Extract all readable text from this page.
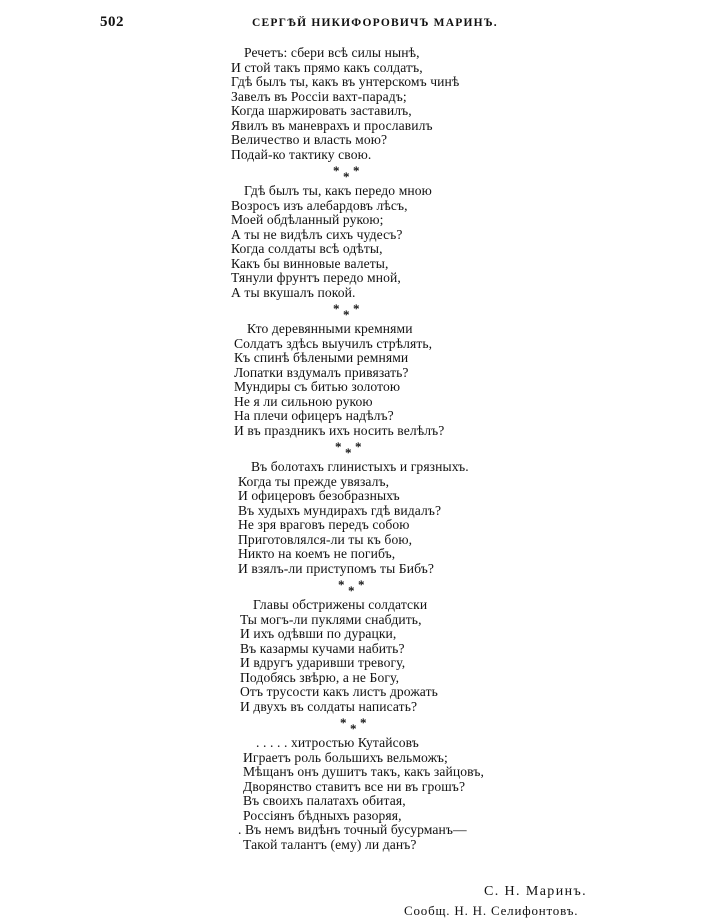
502	СЕРГѢЙ НИКИФОРОВИЧЪ МАРИНЪ.
Речетъ: сбери всѣ силы нынѣ,
И стой такъ прямо какъ солдатъ,
Гдѣ былъ ты, какъ въ унтерскомъ чинѣ
Завелъ въ Россіи вахт-парадъ;
Когда шаржировать заставилъ,
Явилъ въ маневрахъ и прославилъ
Величество и власть мою?
Подай-ко тактику свою.
* *
*
Гдѣ былъ ты, какъ передо мною
Возросъ изъ алебардовъ лѣсъ,
Моей обдѣланный рукою;
А ты не видѣлъ сихъ чудесъ?
Когда солдаты всѣ одѣты,
Какъ бы винновые валеты,
Тянули фрунтъ передо мной,
А ты вкушалъ покой.
* *
*
Кто деревянными кремнями
Солдатъ здѣсь выучилъ стрѣлять,
Къ спинѣ бѣлеными ремнями
Лопатки вздумалъ привязать?
Мундиры съ битью золотою
Не я ли сильною рукою
На плечи офицеръ надѣлъ?
И въ праздникъ ихъ носить велѣлъ?
* *
*
Въ болотахъ глинистыхъ и грязныхъ.
Когда ты прежде увязалъ,
И офицеровъ безобразныхъ
Въ худыхъ мундирахъ гдѣ видалъ?
Не зря враговъ передъ собою
Приготовлялся-ли ты къ бою,
Никто на коемъ не погибъ,
И взялъ-ли приступомъ ты Бибъ?
* *
*
Главы обстрижены солдатски
Ты могъ-ли пуклями снабдить,
И ихъ одѣвши по дурацки,
Въ казармы кучами набить?
И вдругъ ударивши тревогу,
Подобясь звѣрю, а не Богу,
Отъ трусости какъ листъ дрожать
И двухъ въ солдаты написать?
* *
*
. . . . . хитростью Кутайсовъ
Играетъ роль большихъ вельможъ;
Мѣщанъ онъ душитъ такъ, какъ зайцовъ,
Дворянство ставитъ все ни въ грошъ?
Въ своихъ палатахъ обитая,
Россіянъ бѣдныхъ разоряя,
. Въ немъ видѣнъ точный бусурманъ—
Такой талантъ (ему) ли данъ?
С. Н. Маринъ.
Сообщ. Н. Н. Селифонтовъ.
